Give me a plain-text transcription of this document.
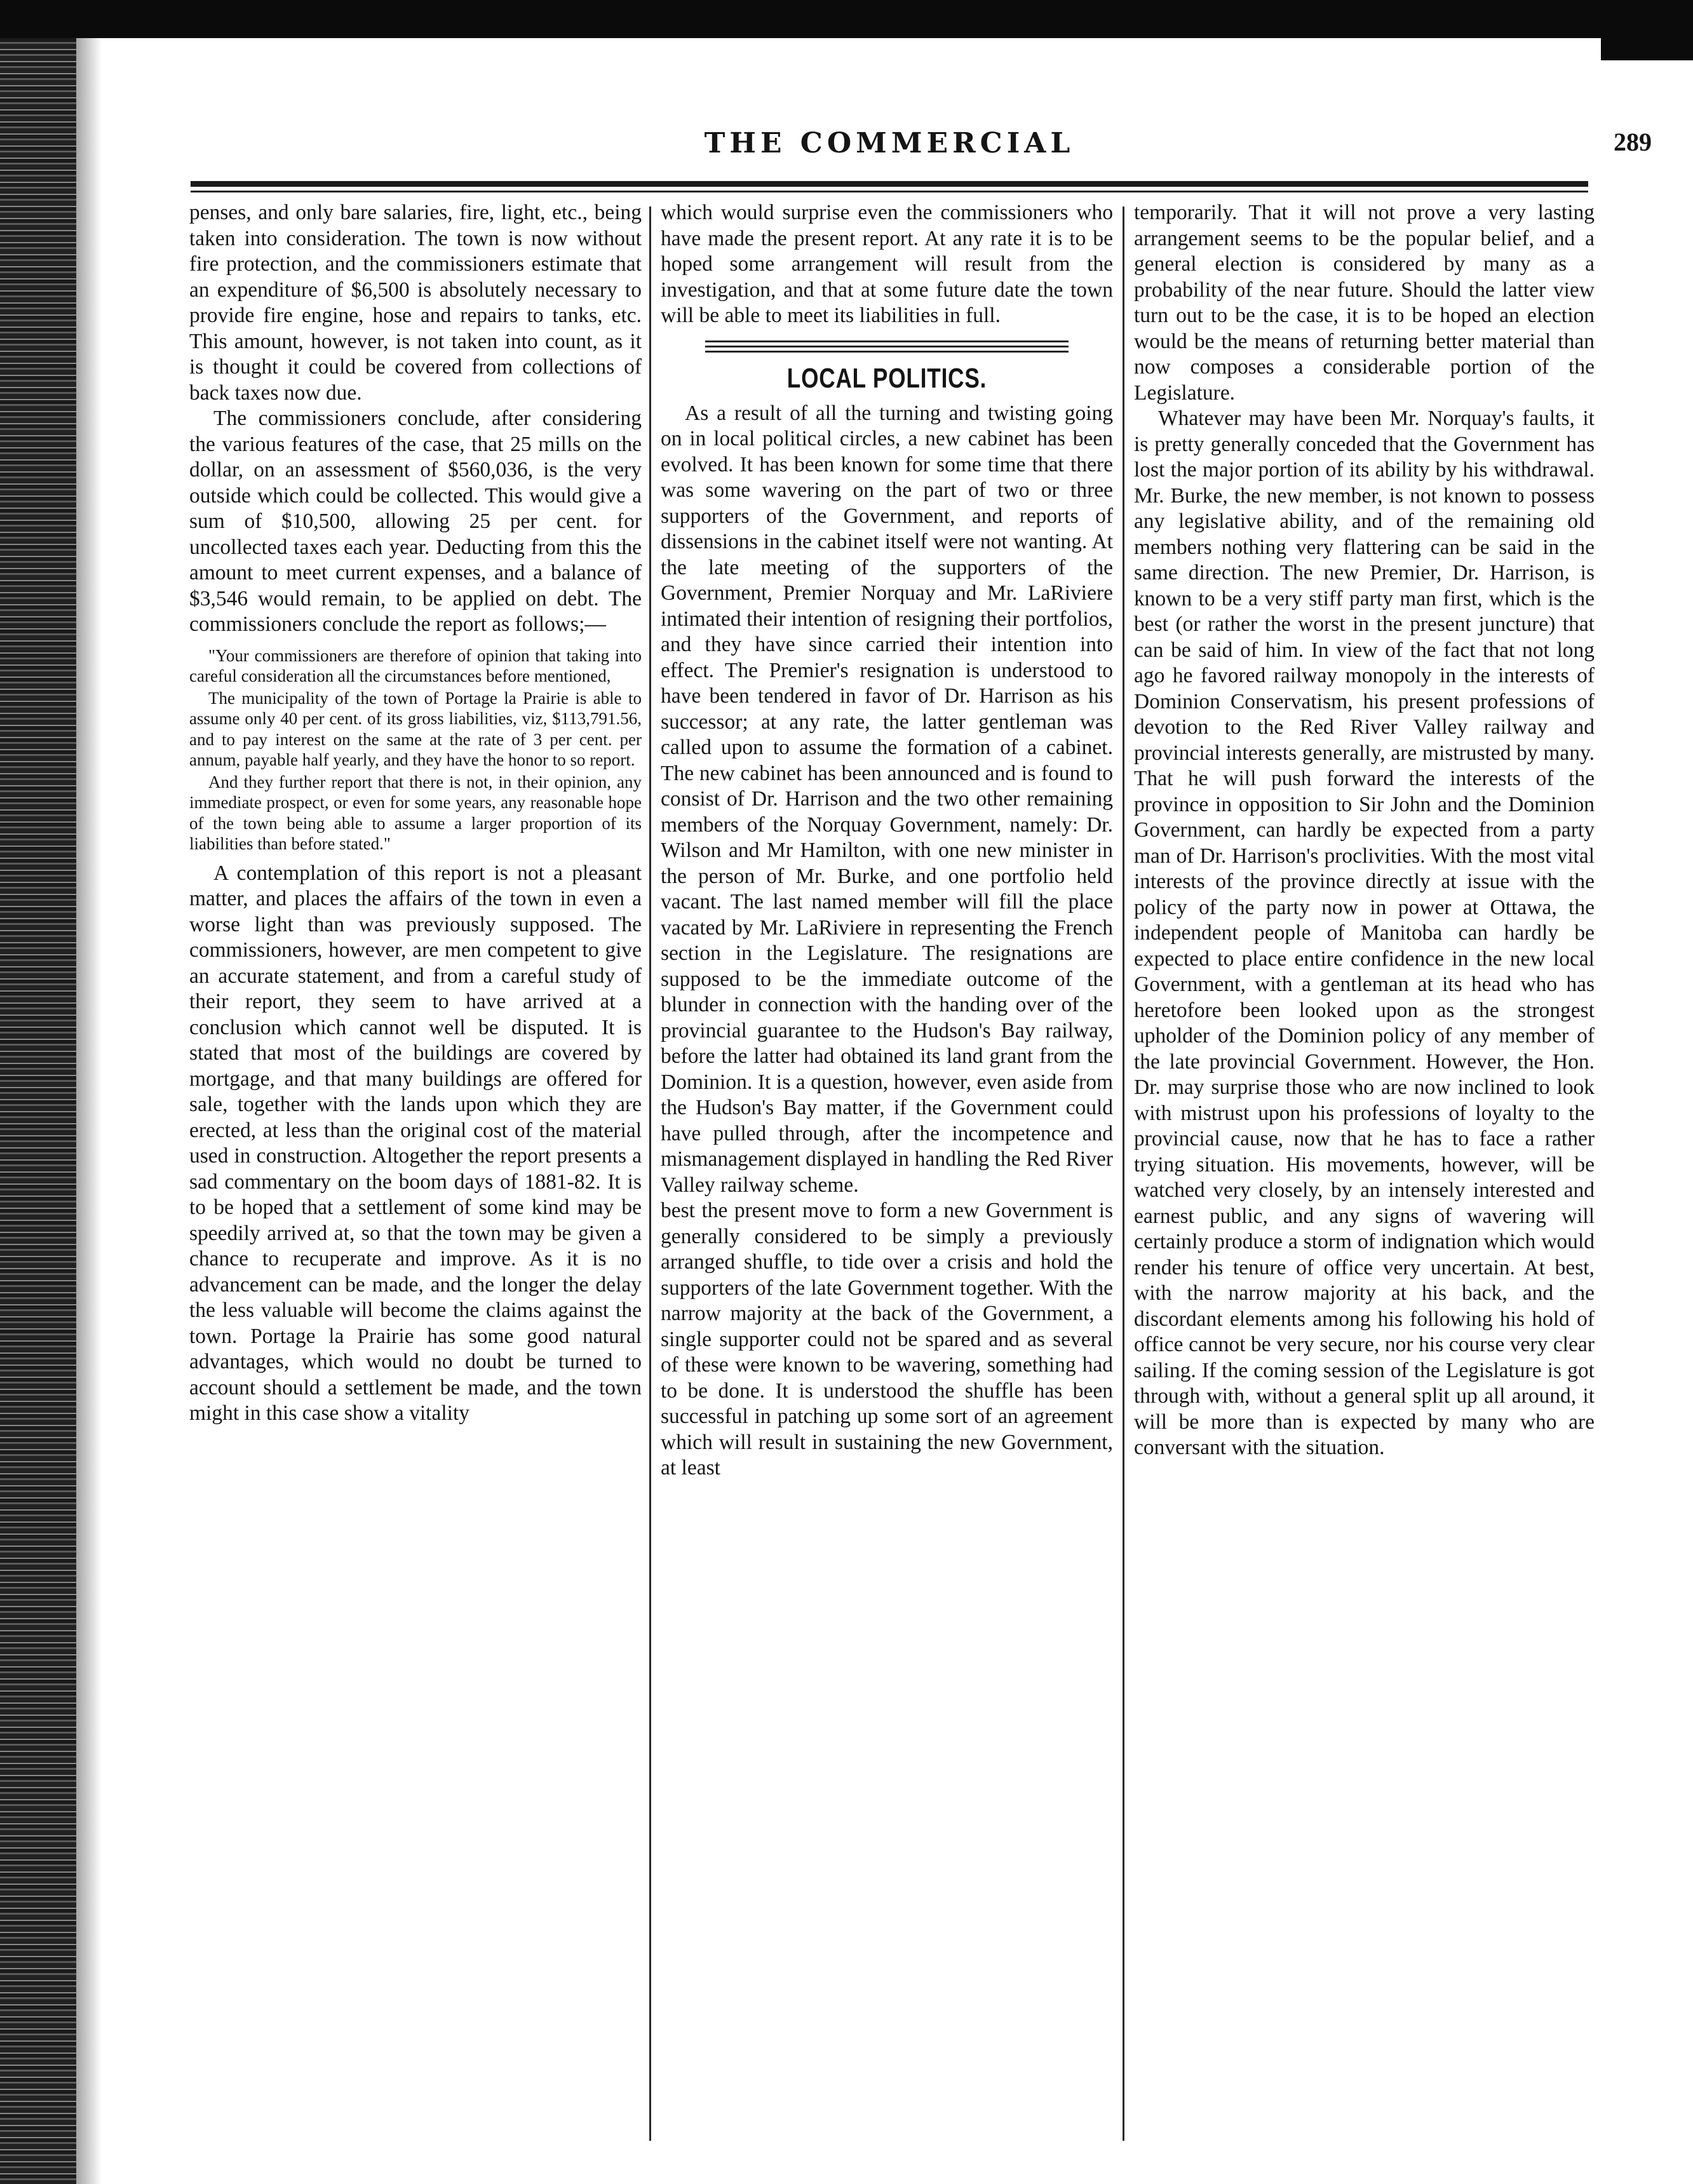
THE COMMERCIAL	289

penses, and only bare salaries, fire, light, etc., being taken into consideration. The town is now without fire protection, and the commissioners estimate that an expenditure of $6,500 is absolutely necessary to provide fire engine, hose and repairs to tanks, etc. This amount, however, is not taken into count, as it is thought it could be covered from collections of back taxes now due.

The commissioners conclude, after considering the various features of the case, that 25 mills on the dollar, on an assessment of $560,036, is the very outside which could be collected. This would give a sum of $10,500, allowing 25 per cent. for uncollected taxes each year. Deducting from this the amount to meet current expenses, and a balance of $3,546 would remain, to be applied on debt. The commissioners conclude the report as follows;—

"Your commissioners are therefore of opinion that taking into careful consideration all the circumstances before mentioned,

The municipality of the town of Portage la Prairie is able to assume only 40 per cent. of its gross liabilities, viz, $113,791.56, and to pay interest on the same at the rate of 3 per cent. per annum, payable half yearly, and they have the honor to so report.

And they further report that there is not, in their opinion, any immediate prospect, or even for some years, any reasonable hope of the town being able to assume a larger proportion of its liabilities than before stated."

A contemplation of this report is not a pleasant matter, and places the affairs of the town in even a worse light than was previously supposed. The commissioners, however, are men competent to give an accurate statement, and from a careful study of their report, they seem to have arrived at a conclusion which cannot well be disputed. It is stated that most of the buildings are covered by mortgage, and that many buildings are offered for sale, together with the lands upon which they are erected, at less than the original cost of the material used in construction. Altogether the report presents a sad commentary on the boom days of 1881-82. It is to be hoped that a settlement of some kind may be speedily arrived at, so that the town may be given a chance to recuperate and improve. As it is no advancement can be made, and the longer the delay the less valuable will become the claims against the town. Portage la Prairie has some good natural advantages, which would no doubt be turned to account should a settlement be made, and the town might in this case show a vitality

which would surprise even the commissioners who have made the present report. At any rate it is to be hoped some arrangement will result from the investigation, and that at some future date the town will be able to meet its liabilities in full.

LOCAL POLITICS.

As a result of all the turning and twisting going on in local political circles, a new cabinet has been evolved. It has been known for some time that there was some wavering on the part of two or three supporters of the Government, and reports of dissensions in the cabinet itself were not wanting. At the late meeting of the supporters of the Government, Premier Norquay and Mr. LaRiviere intimated their intention of resigning their portfolios, and they have since carried their intention into effect. The Premier's resignation is understood to have been tendered in favor of Dr. Harrison as his successor; at any rate, the latter gentleman was called upon to assume the formation of a cabinet. The new cabinet has been announced and is found to consist of Dr. Harrison and the two other remaining members of the Norquay Government, namely: Dr. Wilson and Mr Hamilton, with one new minister in the person of Mr. Burke, and one portfolio held vacant. The last named member will fill the place vacated by Mr. LaRiviere in representing the French section in the Legislature. The resignations are supposed to be the immediate outcome of the blunder in connection with the handing over of the provincial guarantee to the Hudson's Bay railway, before the latter had obtained its land grant from the Dominion. It is a question, however, even aside from the Hudson's Bay matter, if the Government could have pulled through, after the incompetence and mismanagement displayed in handling the Red River Valley railway scheme.

best the present move to form a new Government is generally considered to be simply a previously arranged shuffle, to tide over a crisis and hold the supporters of the late Government together. With the narrow majority at the back of the Government, a single supporter could not be spared and as several of these were known to be wavering, something had to be done. It is understood the shuffle has been successful in patching up some sort of an agreement which will result in sustaining the new Government, at least

temporarily. That it will not prove a very lasting arrangement seems to be the popular belief, and a general election is considered by many as a probability of the near future. Should the latter view turn out to be the case, it is to be hoped an election would be the means of returning better material than now composes a considerable portion of the Legislature.

Whatever may have been Mr. Norquay's faults, it is pretty generally conceded that the Government has lost the major portion of its ability by his withdrawal. Mr. Burke, the new member, is not known to possess any legislative ability, and of the remaining old members nothing very flattering can be said in the same direction. The new Premier, Dr. Harrison, is known to be a very stiff party man first, which is the best (or rather the worst in the present juncture) that can be said of him. In view of the fact that not long ago he favored railway monopoly in the interests of Dominion Conservatism, his present professions of devotion to the Red River Valley railway and provincial interests generally, are mistrusted by many. That he will push forward the interests of the province in opposition to Sir John and the Dominion Government, can hardly be expected from a party man of Dr. Harrison's proclivities. With the most vital interests of the province directly at issue with the policy of the party now in power at Ottawa, the independent people of Manitoba can hardly be expected to place entire confidence in the new local Government, with a gentleman at its head who has heretofore been looked upon as the strongest upholder of the Dominion policy of any member of the late provincial Government. However, the Hon. Dr. may surprise those who are now inclined to look with mistrust upon his professions of loyalty to the provincial cause, now that he has to face a rather trying situation. His movements, however, will be watched very closely, by an intensely interested and earnest public, and any signs of wavering will certainly produce a storm of indignation which would render his tenure of office very uncertain. At best, with the narrow majority at his back, and the discordant elements among his following his hold of office cannot be very secure, nor his course very clear sailing. If the coming session of the Legislature is got through with, without a general split up all around, it will be more than is expected by many who are conversant with the situation.
